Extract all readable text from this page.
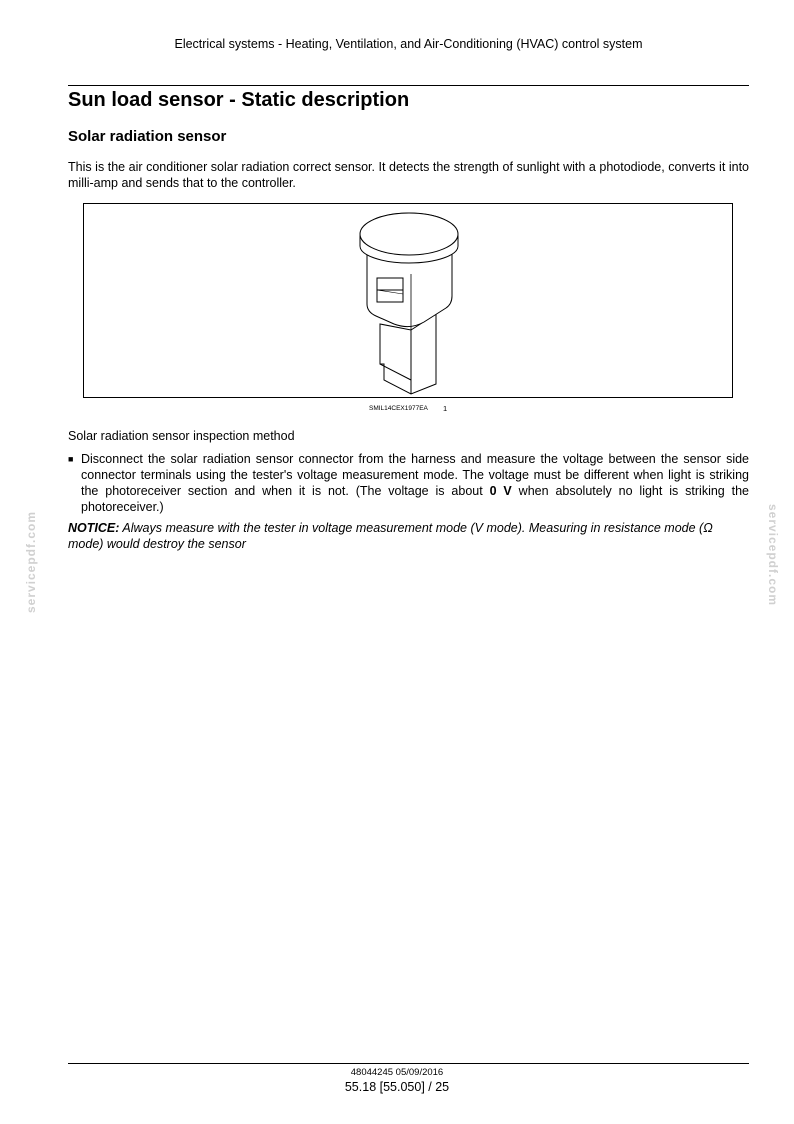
Electrical systems - Heating, Ventilation, and Air-Conditioning (HVAC) control system
Sun load sensor - Static description
Solar radiation sensor

This is the air conditioner solar radiation correct sensor. It detects the strength of sunlight with a photodiode, converts it into milli-amp and sends that to the controller.

SMIL14CEX1977EA 1

Solar radiation sensor inspection method

■ Disconnect the solar radiation sensor connector from the harness and measure the voltage between the sensor side connector terminals using the tester's voltage measurement mode. The voltage must be different when light is striking the photoreceiver section and when it is not. (The voltage is about 0 V when absolutely no light is striking the photoreceiver.)

NOTICE: Always measure with the tester in voltage measurement mode (V mode). Measuring in resistance mode (Ω mode) would destroy the sensor

servicepdf.com	servicepdf.com
48044245 05/09/2016
55.18 [55.050] / 25
